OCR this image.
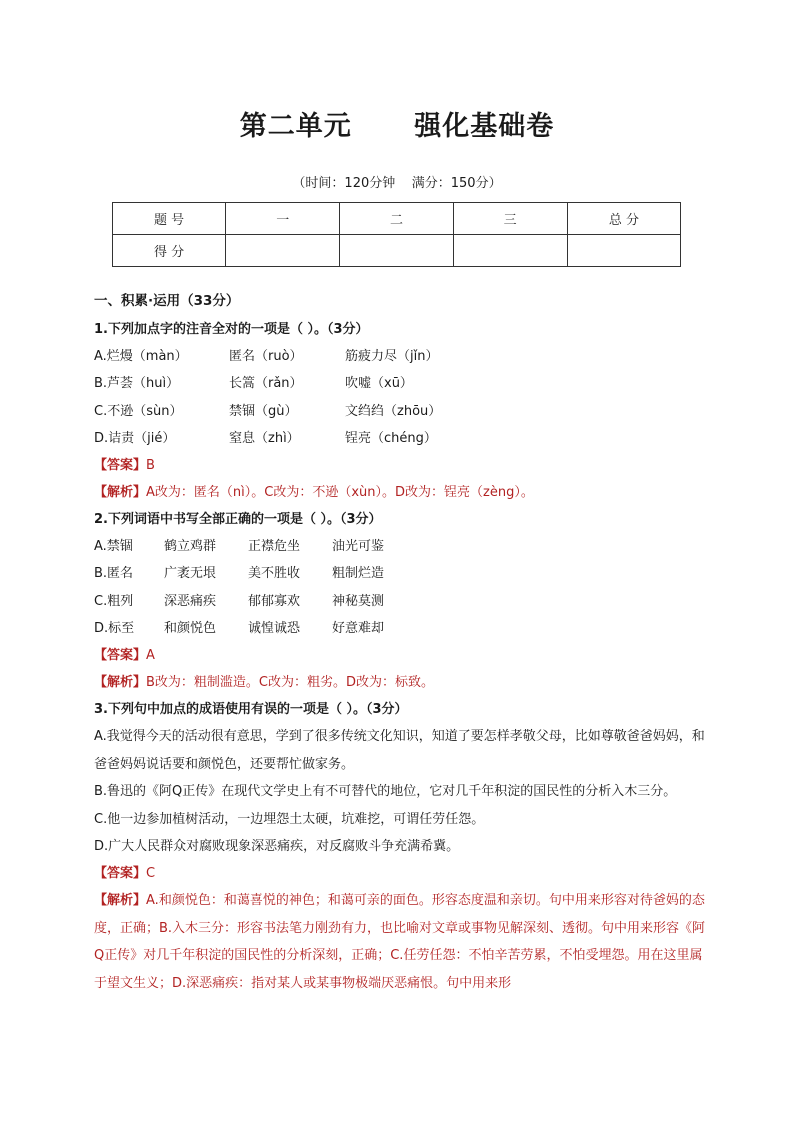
第二单元      强化基础卷
（时间：120分钟    满分：150分）
题 号	一	二	三	总 分
得 分				

一、积累·运用（33分）

1.下列加点字的注音全对的一项是（ ）。（3分）

A.烂熳（màn）	匿名（ruò）	筋疲力尽（jǐn）
B.芦荟（huì）	长篙（rǎn）	吹嘘（xū）
C.不逊（sùn）	禁锢（gù）	文绉绉（zhōu）
D.诘责（jié）	窒息（zhì）	锃亮（chéng）

【答案】B

【解析】A改为：匿名（nì）。C改为：不逊（xùn）。D改为：锃亮（zèng）。

2.下列词语中书写全部正确的一项是（ ）。（3分）

A.禁锢	鹤立鸡群	正襟危坐	油光可鉴
B.匿名	广袤无垠	美不胜收	粗制烂造
C.粗列	深恶痛疾	郁郁寡欢	神秘莫测
D.标至	和颜悦色	诚惶诚恐	好意难却

【答案】A

【解析】B改为：粗制滥造。C改为：粗劣。D改为：标致。

3.下列句中加点的成语使用有误的一项是（ ）。（3分）

A.我觉得今天的活动很有意思，学到了很多传统文化知识，知道了要怎样孝敬父母，比如尊敬爸爸妈妈，和爸爸妈妈说话要和颜悦色，还要帮忙做家务。

B.鲁迅的《阿Q正传》在现代文学史上有不可替代的地位，它对几千年积淀的国民性的分析入木三分。

C.他一边参加植树活动，一边埋怨土太硬，坑难挖，可谓任劳任怨。

D.广大人民群众对腐败现象深恶痛疾，对反腐败斗争充满希冀。

【答案】C

【解析】A.和颜悦色：和蔼喜悦的神色；和蔼可亲的面色。形容态度温和亲切。句中用来形容对待爸妈的态度，正确；B.入木三分：形容书法笔力刚劲有力，也比喻对文章或事物见解深刻、透彻。句中用来形容《阿Q正传》对几千年积淀的国民性的分析深刻，正确；C.任劳任怨：不怕辛苦劳累，不怕受埋怨。用在这里属于望文生义；D.深恶痛疾：指对某人或某事物极端厌恶痛恨。句中用来形
